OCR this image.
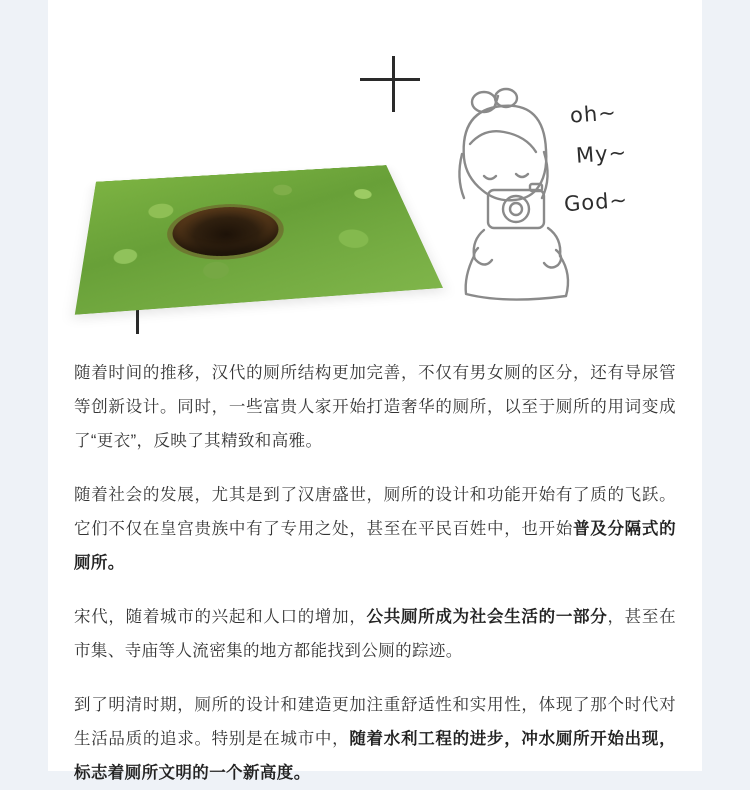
oh~
My~
God~

随着时间的推移，汉代的厕所结构更加完善，不仅有男女厕的区分，还有导尿管等创新设计。同时，一些富贵人家开始打造奢华的厕所，以至于厕所的用词变成了“更衣”，反映了其精致和高雅。

随着社会的发展，尤其是到了汉唐盛世，厕所的设计和功能开始有了质的飞跃。它们不仅在皇宫贵族中有了专用之处，甚至在平民百姓中，也开始普及分隔式的厕所。

宋代，随着城市的兴起和人口的增加，公共厕所成为社会生活的一部分，甚至在市集、寺庙等人流密集的地方都能找到公厕的踪迹。

到了明清时期，厕所的设计和建造更加注重舒适性和实用性，体现了那个时代对生活品质的追求。特别是在城市中，随着水利工程的进步，冲水厕所开始出现，标志着厕所文明的一个新高度。
